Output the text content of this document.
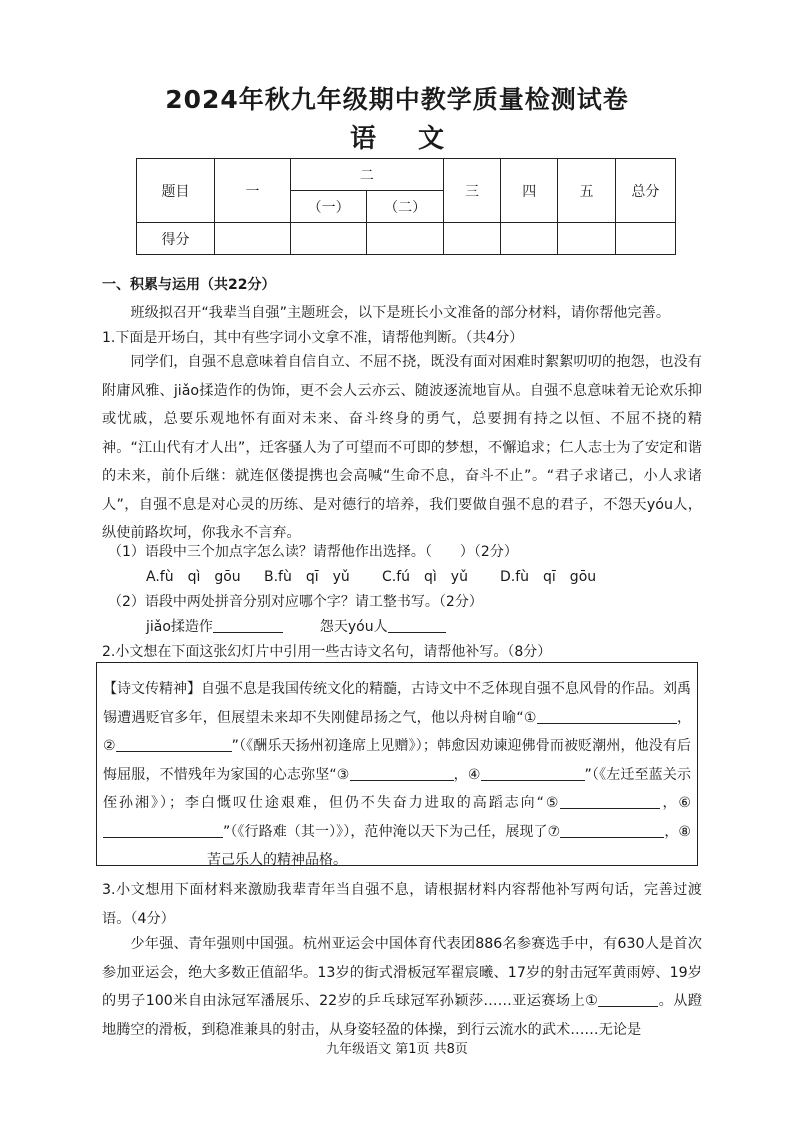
2024年秋九年级期中教学质量检测试卷
语 文
题目	一	二		三	四	五	总分
		（一）	（二）				
得分							
一、积累与运用（共22分）
班级拟召开“我辈当自强”主题班会，以下是班长小文准备的部分材料，请你帮他完善。
1.下面是开场白，其中有些字词小文拿不准，请帮他判断。（共4分）
同学们，自强不息意味着自信自立、不屈不挠，既没有面对困难时絮絮叨叨的抱怨，也没有附庸风雅、jiǎo揉造作的伪饰，更不会人云亦云、随波逐流地盲从。自强不息意味着无论欢乐抑或忧戚，总要乐观地怀有面对未来、奋斗终身的勇气，总要拥有持之以恒、不屈不挠的精神。“江山代有才人出”，迁客骚人为了可望而不可即的梦想，不懈追求；仁人志士为了安定和谐的未来，前仆后继：就连伛偻提携也会高喊“生命不息，奋斗不止”。“君子求诸己，小人求诸人”，自强不息是对心灵的历练、是对德行的培养，我们要做自强不息的君子，不怨天yóu人，纵使前路坎坷，你我永不言弃。
（1）语段中三个加点字怎么读？请帮他作出选择。（　　）（2分）
A.fù　qì　gōu B.fù　qī　yǔ C.fú　qì　yǔ D.fù　qī　gōu
（2）语段中两处拼音分别对应哪个字？请工整书写。（2分）
jiǎo揉造作	怨天yóu人
2.小文想在下面这张幻灯片中引用一些古诗文名句，请帮他补写。（8分）
【诗文传精神】自强不息是我国传统文化的精髓，古诗文中不乏体现自强不息风骨的作品。刘禹锡遭遇贬官多年，但展望未来却不失刚健昂扬之气，他以舟树自喻“①	，②	”（《酬乐天扬州初逢席上见赠》）；韩愈因劝谏迎佛骨而被贬潮州，他没有后悔屈服，不惜残年为家国的心志弥坚“③	，④	”（《左迁至蓝关示侄孙湘》）；李白慨叹仕途艰难，但仍不失奋力进取的高蹈志向“⑤	，⑥”（《行路难（其一）》），范仲淹以天下为己任，展现了⑦	，⑧苦己乐人的精神品格。
3.小文想用下面材料来激励我辈青年当自强不息，请根据材料内容帮他补写两句话，完善过渡语。（4分）
少年强、青年强则中国强。杭州亚运会中国体育代表团886名参赛选手中，有630人是首次参加亚运会，绝大多数正值韶华。13岁的街式滑板冠军翟宸曦、17岁的射击冠军黄雨婷、19岁的男子100米自由泳冠军潘展乐、22岁的乒乓球冠军孙颖莎……亚运赛场上①	。从蹬地腾空的滑板，到稳准兼具的射击，从身姿轻盈的体操，到行云流水的武术……无论是
九年级语文 第1页 共8页
